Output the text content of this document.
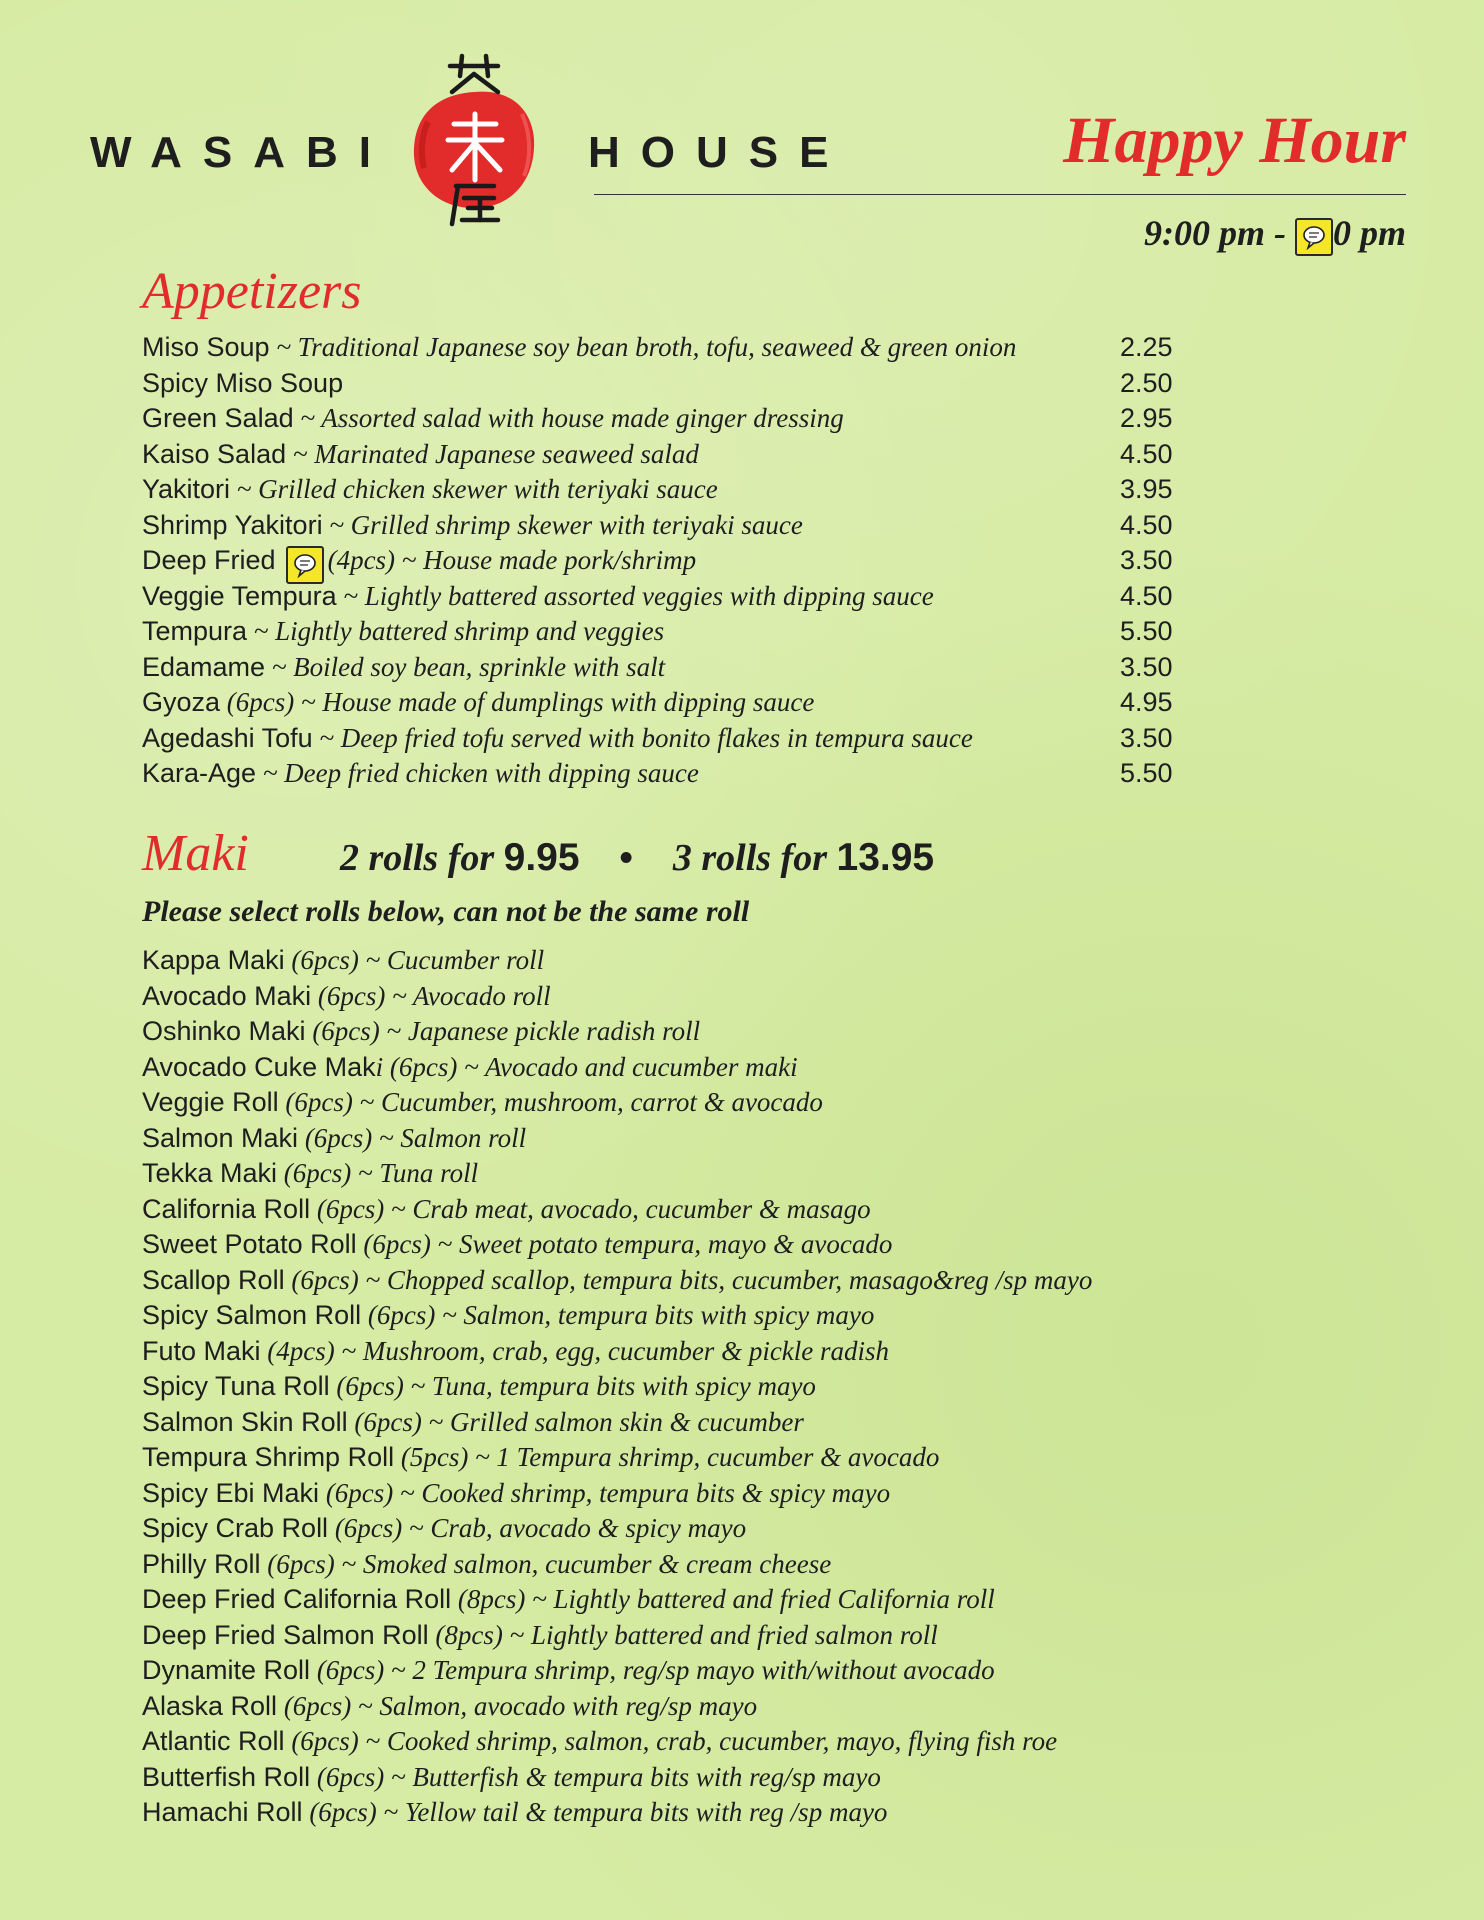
WASABI	HOUSE	Happy Hour
9:00 pm -
0 pm
Appetizers
Miso Soup ~ Traditional Japanese soy bean broth, tofu, seaweed & green onion	2.25
Spicy Miso Soup	2.50
Green Salad ~ Assorted salad with house made ginger dressing	2.95
Kaiso Salad ~ Marinated Japanese seaweed salad	4.50
Yakitori ~ Grilled chicken skewer with teriyaki sauce	3.95
Shrimp Yakitori ~ Grilled shrimp skewer with teriyaki sauce	4.50
Deep Fried (4pcs) ~ House made pork/shrimp	3.50
Veggie Tempura ~ Lightly battered assorted veggies with dipping sauce	4.50
Tempura ~ Lightly battered shrimp and veggies	5.50
Edamame ~ Boiled soy bean, sprinkle with salt	3.50
Gyoza (6pcs) ~ House made of dumplings with dipping sauce	4.95
Agedashi Tofu ~ Deep fried tofu served with bonito flakes in tempura sauce	3.50
Kara-Age ~ Deep fried chicken with dipping sauce	5.50
Maki 2 rolls for 9.95 • 3 rolls for 13.95
Please select rolls below, can not be the same roll
Kappa Maki (6pcs) ~ Cucumber roll
Avocado Maki (6pcs) ~ Avocado roll
Oshinko Maki (6pcs) ~ Japanese pickle radish roll
Avocado Cuke Maki (6pcs) ~ Avocado and cucumber maki
Veggie Roll (6pcs) ~ Cucumber, mushroom, carrot & avocado
Salmon Maki (6pcs) ~ Salmon roll
Tekka Maki (6pcs) ~ Tuna roll
California Roll (6pcs) ~ Crab meat, avocado, cucumber & masago
Sweet Potato Roll (6pcs) ~ Sweet potato tempura, mayo & avocado
Scallop Roll (6pcs) ~ Chopped scallop, tempura bits, cucumber, masago&reg /sp mayo
Spicy Salmon Roll (6pcs) ~ Salmon, tempura bits with spicy mayo
Futo Maki (4pcs) ~ Mushroom, crab, egg, cucumber & pickle radish
Spicy Tuna Roll (6pcs) ~ Tuna, tempura bits with spicy mayo
Salmon Skin Roll (6pcs) ~ Grilled salmon skin & cucumber
Tempura Shrimp Roll (5pcs) ~ 1 Tempura shrimp, cucumber & avocado
Spicy Ebi Maki (6pcs) ~ Cooked shrimp, tempura bits & spicy mayo
Spicy Crab Roll (6pcs) ~ Crab, avocado & spicy mayo
Philly Roll (6pcs) ~ Smoked salmon, cucumber & cream cheese
Deep Fried California Roll (8pcs) ~ Lightly battered and fried California roll
Deep Fried Salmon Roll (8pcs) ~ Lightly battered and fried salmon roll
Dynamite Roll (6pcs) ~ 2 Tempura shrimp, reg/sp mayo with/without avocado
Alaska Roll (6pcs) ~ Salmon, avocado with reg/sp mayo
Atlantic Roll (6pcs) ~ Cooked shrimp, salmon, crab, cucumber, mayo, flying fish roe
Butterfish Roll (6pcs) ~ Butterfish & tempura bits with reg/sp mayo
Hamachi Roll (6pcs) ~ Yellow tail & tempura bits with reg /sp mayo
